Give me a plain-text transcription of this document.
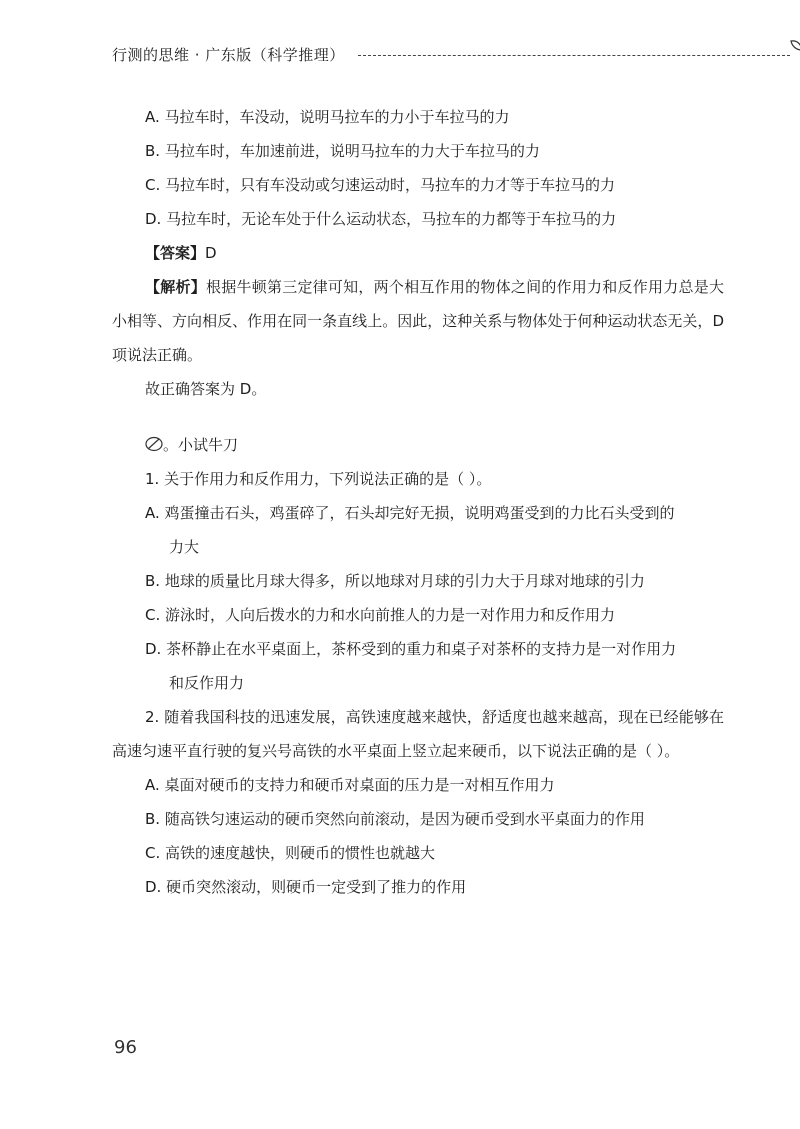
行测的思维 · 广东版（科学推理）
A. 马拉车时，车没动，说明马拉车的力小于车拉马的力
B. 马拉车时，车加速前进，说明马拉车的力大于车拉马的力
C. 马拉车时，只有车没动或匀速运动时，马拉车的力才等于车拉马的力
D. 马拉车时，无论车处于什么运动状态，马拉车的力都等于车拉马的力
【答案】D
【解析】根据牛顿第三定律可知，两个相互作用的物体之间的作用力和反作用力总是大小相等、方向相反、作用在同一条直线上。因此，这种关系与物体处于何种运动状态无关，D 项说法正确。
故正确答案为 D。
。小试牛刀
1. 关于作用力和反作用力，下列说法正确的是（ ）。
A. 鸡蛋撞击石头，鸡蛋碎了，石头却完好无损，说明鸡蛋受到的力比石头受到的
力大
B. 地球的质量比月球大得多，所以地球对月球的引力大于月球对地球的引力
C. 游泳时，人向后拨水的力和水向前推人的力是一对作用力和反作用力
D. 茶杯静止在水平桌面上，茶杯受到的重力和桌子对茶杯的支持力是一对作用力
和反作用力
2. 随着我国科技的迅速发展，高铁速度越来越快，舒适度也越来越高，现在已经能够在高速匀速平直行驶的复兴号高铁的水平桌面上竖立起来硬币，以下说法正确的是（ ）。
A. 桌面对硬币的支持力和硬币对桌面的压力是一对相互作用力
B. 随高铁匀速运动的硬币突然向前滚动，是因为硬币受到水平桌面力的作用
C. 高铁的速度越快，则硬币的惯性也就越大
D. 硬币突然滚动，则硬币一定受到了推力的作用
96
